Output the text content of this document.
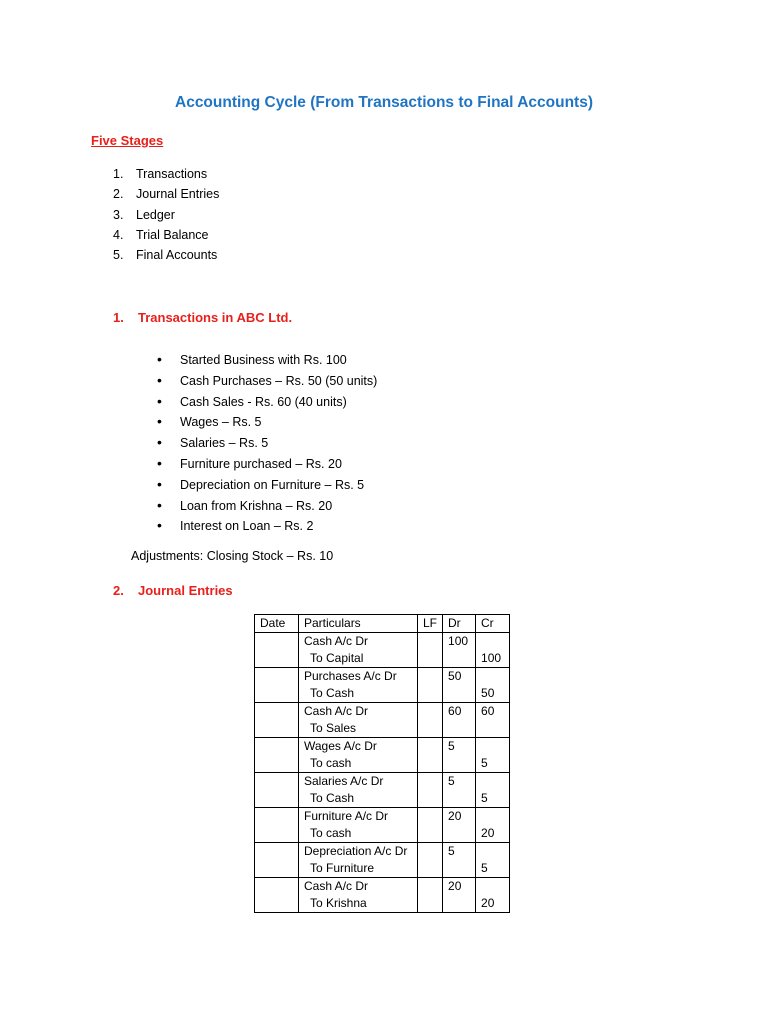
Accounting Cycle (From Transactions to Final Accounts)
Five Stages
1. Transactions
2. Journal Entries
3. Ledger
4. Trial Balance
5. Final Accounts
1. Transactions in ABC Ltd.
• Started Business with Rs. 100
• Cash Purchases – Rs. 50 (50 units)
• Cash Sales - Rs. 60 (40 units)
• Wages – Rs. 5
• Salaries – Rs. 5
• Furniture purchased – Rs. 20
• Depreciation on Furniture – Rs. 5
• Loan from Krishna – Rs. 20
• Interest on Loan – Rs. 2
Adjustments: Closing Stock – Rs. 10
2. Journal Entries
Date	Particulars	LF	Dr	Cr

	Cash A/c Dr
To Capital		100	100

	Purchases A/c Dr
To Cash		50	50

	Cash A/c Dr
To Sales		60	60

	Wages A/c Dr
To cash		5	5

	Salaries A/c Dr
To Cash		5	5

	Furniture A/c Dr
To cash		20	20

	Depreciation A/c Dr
To Furniture		5	5

	Cash A/c Dr
To Krishna		20	20
